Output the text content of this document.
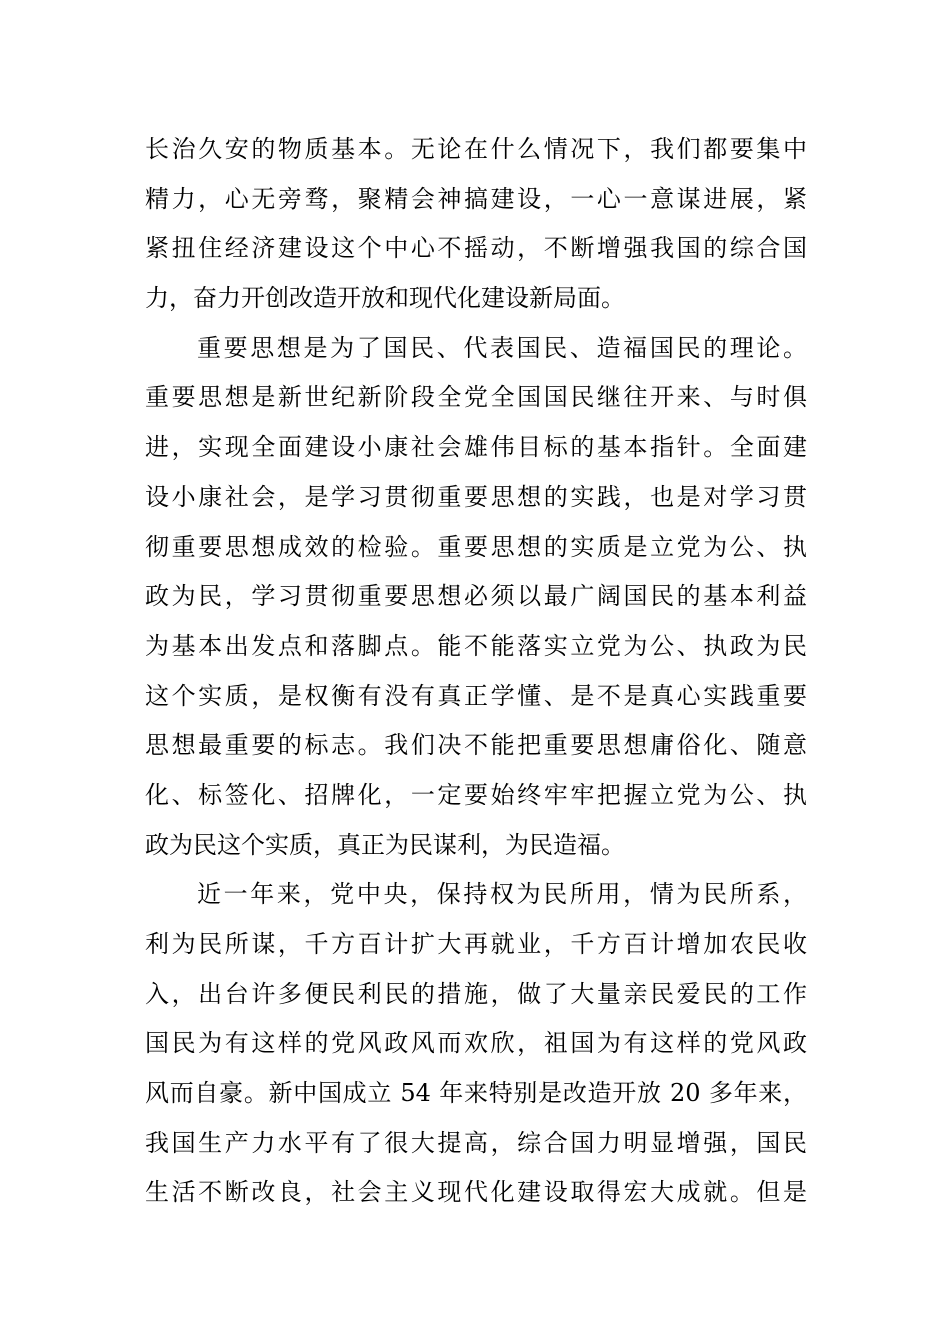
长治久安的物质基本。无论在什么情况下，我们都要集中
精力，心无旁骛，聚精会神搞建设，一心一意谋进展，紧
紧扭住经济建设这个中心不摇动，不断增强我国的综合国
力，奋力开创改造开放和现代化建设新局面。
重要思想是为了国民、代表国民、造福国民的理论。
重要思想是新世纪新阶段全党全国国民继往开来、与时俱
进，实现全面建设小康社会雄伟目标的基本指针。全面建
设小康社会，是学习贯彻重要思想的实践，也是对学习贯
彻重要思想成效的检验。重要思想的实质是立党为公、执
政为民，学习贯彻重要思想必须以最广阔国民的基本利益
为基本出发点和落脚点。能不能落实立党为公、执政为民
这个实质，是权衡有没有真正学懂、是不是真心实践重要
思想最重要的标志。我们决不能把重要思想庸俗化、随意
化、标签化、招牌化，一定要始终牢牢把握立党为公、执
政为民这个实质，真正为民谋利，为民造福。
近一年来，党中央，保持权为民所用，情为民所系，
利为民所谋，千方百计扩大再就业，千方百计增加农民收
入，出台许多便民利民的措施，做了大量亲民爱民的工作
国民为有这样的党风政风而欢欣，祖国为有这样的党风政
风而自豪。新中国成立 54 年来特别是改造开放 20 多年来，
我国生产力水平有了很大提高，综合国力明显增强，国民
生活不断改良，社会主义现代化建设取得宏大成就。但是
